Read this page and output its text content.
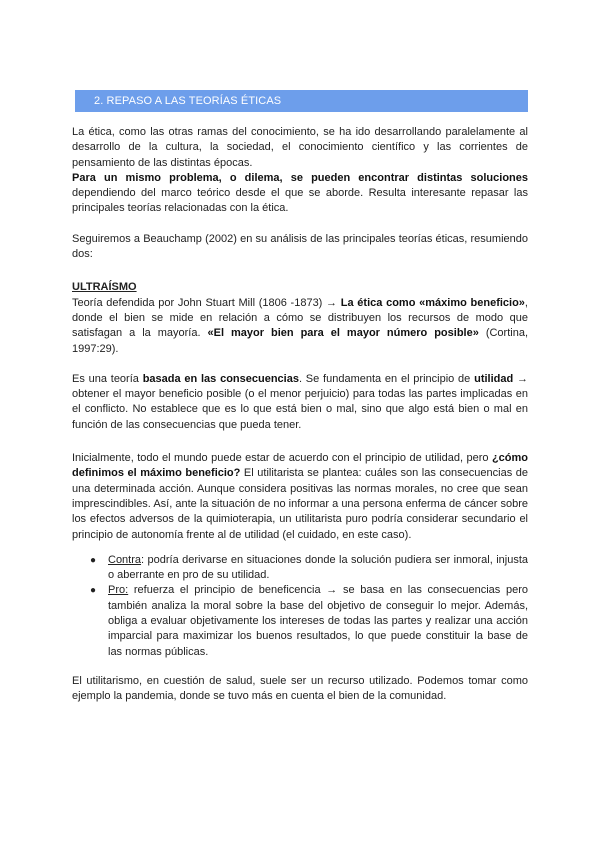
2. REPASO A LAS TEORÍAS ÉTICAS

La ética, como las otras ramas del conocimiento, se ha ido desarrollando paralelamente al desarrollo de la cultura, la sociedad, el conocimiento científico y las corrientes de pensamiento de las distintas épocas.

Para un mismo problema, o dilema, se pueden encontrar distintas soluciones dependiendo del marco teórico desde el que se aborde. Resulta interesante repasar las principales teorías relacionadas con la ética.

Seguiremos a Beauchamp (2002) en su análisis de las principales teorías éticas, resumiendo dos:

ULTRAÍSMO

Teoría defendida por John Stuart Mill (1806 -1873) → La ética como «máximo beneficio», donde el bien se mide en relación a cómo se distribuyen los recursos de modo que satisfagan a la mayoría. «El mayor bien para el mayor número posible» (Cortina, 1997:29).

Es una teoría basada en las consecuencias. Se fundamenta en el principio de utilidad → obtener el mayor beneficio posible (o el menor perjuicio) para todas las partes implicadas en el conflicto. No establece que es lo que está bien o mal, sino que algo está bien o mal en función de las consecuencias que pueda tener.

Inicialmente, todo el mundo puede estar de acuerdo con el principio de utilidad, pero ¿cómo definimos el máximo beneficio? El utilitarista se plantea: cuáles son las consecuencias de una determinada acción. Aunque considera positivas las normas morales, no cree que sean imprescindibles. Así, ante la situación de no informar a una persona enferma de cáncer sobre los efectos adversos de la quimioterapia, un utilitarista puro podría considerar secundario el principio de autonomía frente al de utilidad (el cuidado, en este caso).

● Contra: podría derivarse en situaciones donde la solución pudiera ser inmoral, injusta o aberrante en pro de su utilidad.
● Pro: refuerza el principio de beneficencia → se basa en las consecuencias pero también analiza la moral sobre la base del objetivo de conseguir lo mejor. Además, obliga a evaluar objetivamente los intereses de todas las partes y realizar una acción imparcial para maximizar los buenos resultados, lo que puede constituir la base de las normas públicas.

El utilitarismo, en cuestión de salud, suele ser un recurso utilizado. Podemos tomar como ejemplo la pandemia, donde se tuvo más en cuenta el bien de la comunidad.
